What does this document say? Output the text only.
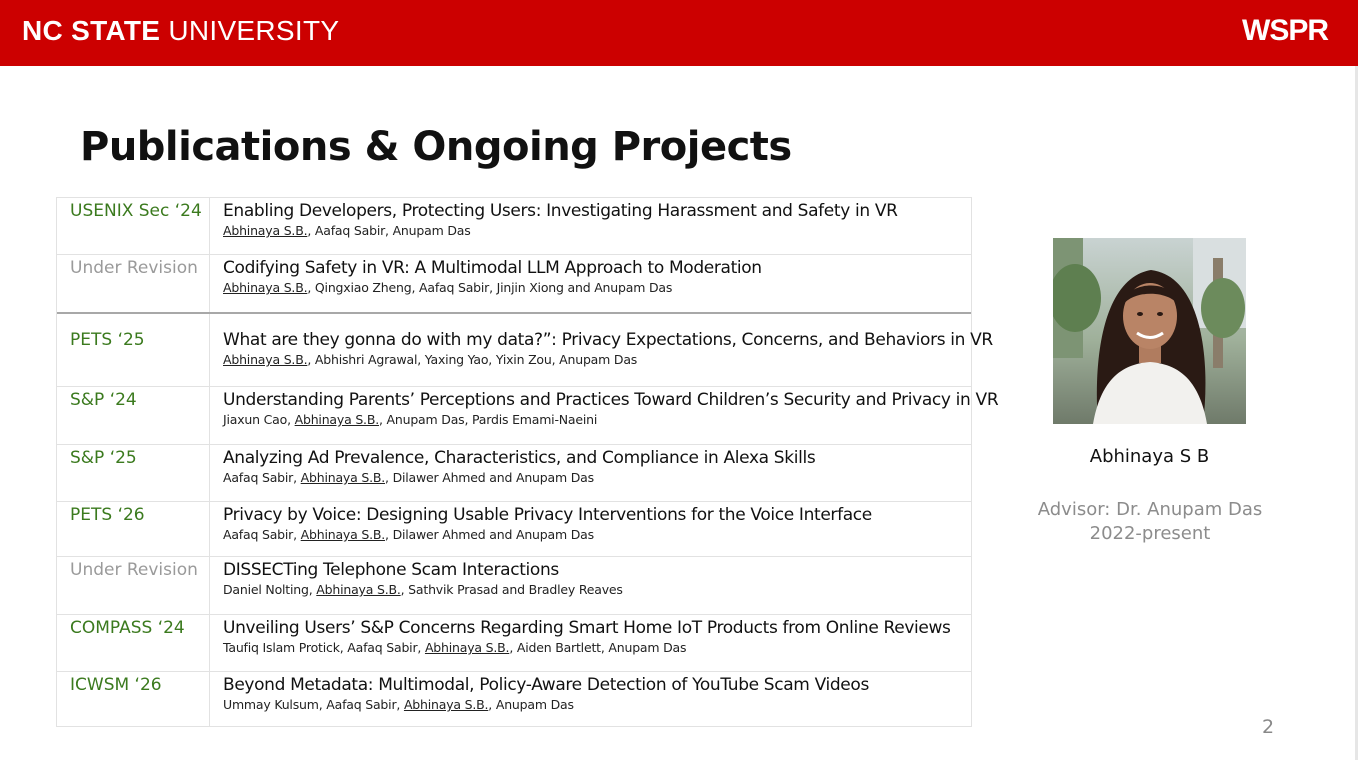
NC STATE UNIVERSITY	WSPR
Publications & Ongoing Projects
USENIX Sec ‘24	Enabling Developers, Protecting Users: Investigating Harassment and Safety in VR
Abhinaya S.B., Aafaq Sabir, Anupam Das
Under Revision	Codifying Safety in VR: A Multimodal LLM Approach to Moderation
Abhinaya S.B., Qingxiao Zheng, Aafaq Sabir, Jinjin Xiong and Anupam Das
PETS ‘25	What are they gonna do with my data?”: Privacy Expectations, Concerns, and Behaviors in VR
Abhinaya S.B., Abhishri Agrawal, Yaxing Yao, Yixin Zou, Anupam Das
S&P ‘24	Understanding Parents’ Perceptions and Practices Toward Children’s Security and Privacy in VR
Jiaxun Cao, Abhinaya S.B., Anupam Das, Pardis Emami-Naeini
S&P ‘25	Analyzing Ad Prevalence, Characteristics, and Compliance in Alexa Skills
Aafaq Sabir, Abhinaya S.B., Dilawer Ahmed and Anupam Das
PETS ‘26	Privacy by Voice: Designing Usable Privacy Interventions for the Voice Interface
Aafaq Sabir, Abhinaya S.B., Dilawer Ahmed and Anupam Das
Under Revision	DISSECTing Telephone Scam Interactions
Daniel Nolting, Abhinaya S.B., Sathvik Prasad and Bradley Reaves
COMPASS ‘24	Unveiling Users’ S&P Concerns Regarding Smart Home IoT Products from Online Reviews
Taufiq Islam Protick, Aafaq Sabir, Abhinaya S.B., Aiden Bartlett, Anupam Das
ICWSM ‘26	Beyond Metadata: Multimodal, Policy-Aware Detection of YouTube Scam Videos
Ummay Kulsum, Aafaq Sabir, Abhinaya S.B., Anupam Das
Abhinaya S B
Advisor: Dr. Anupam Das
2022-present
2
